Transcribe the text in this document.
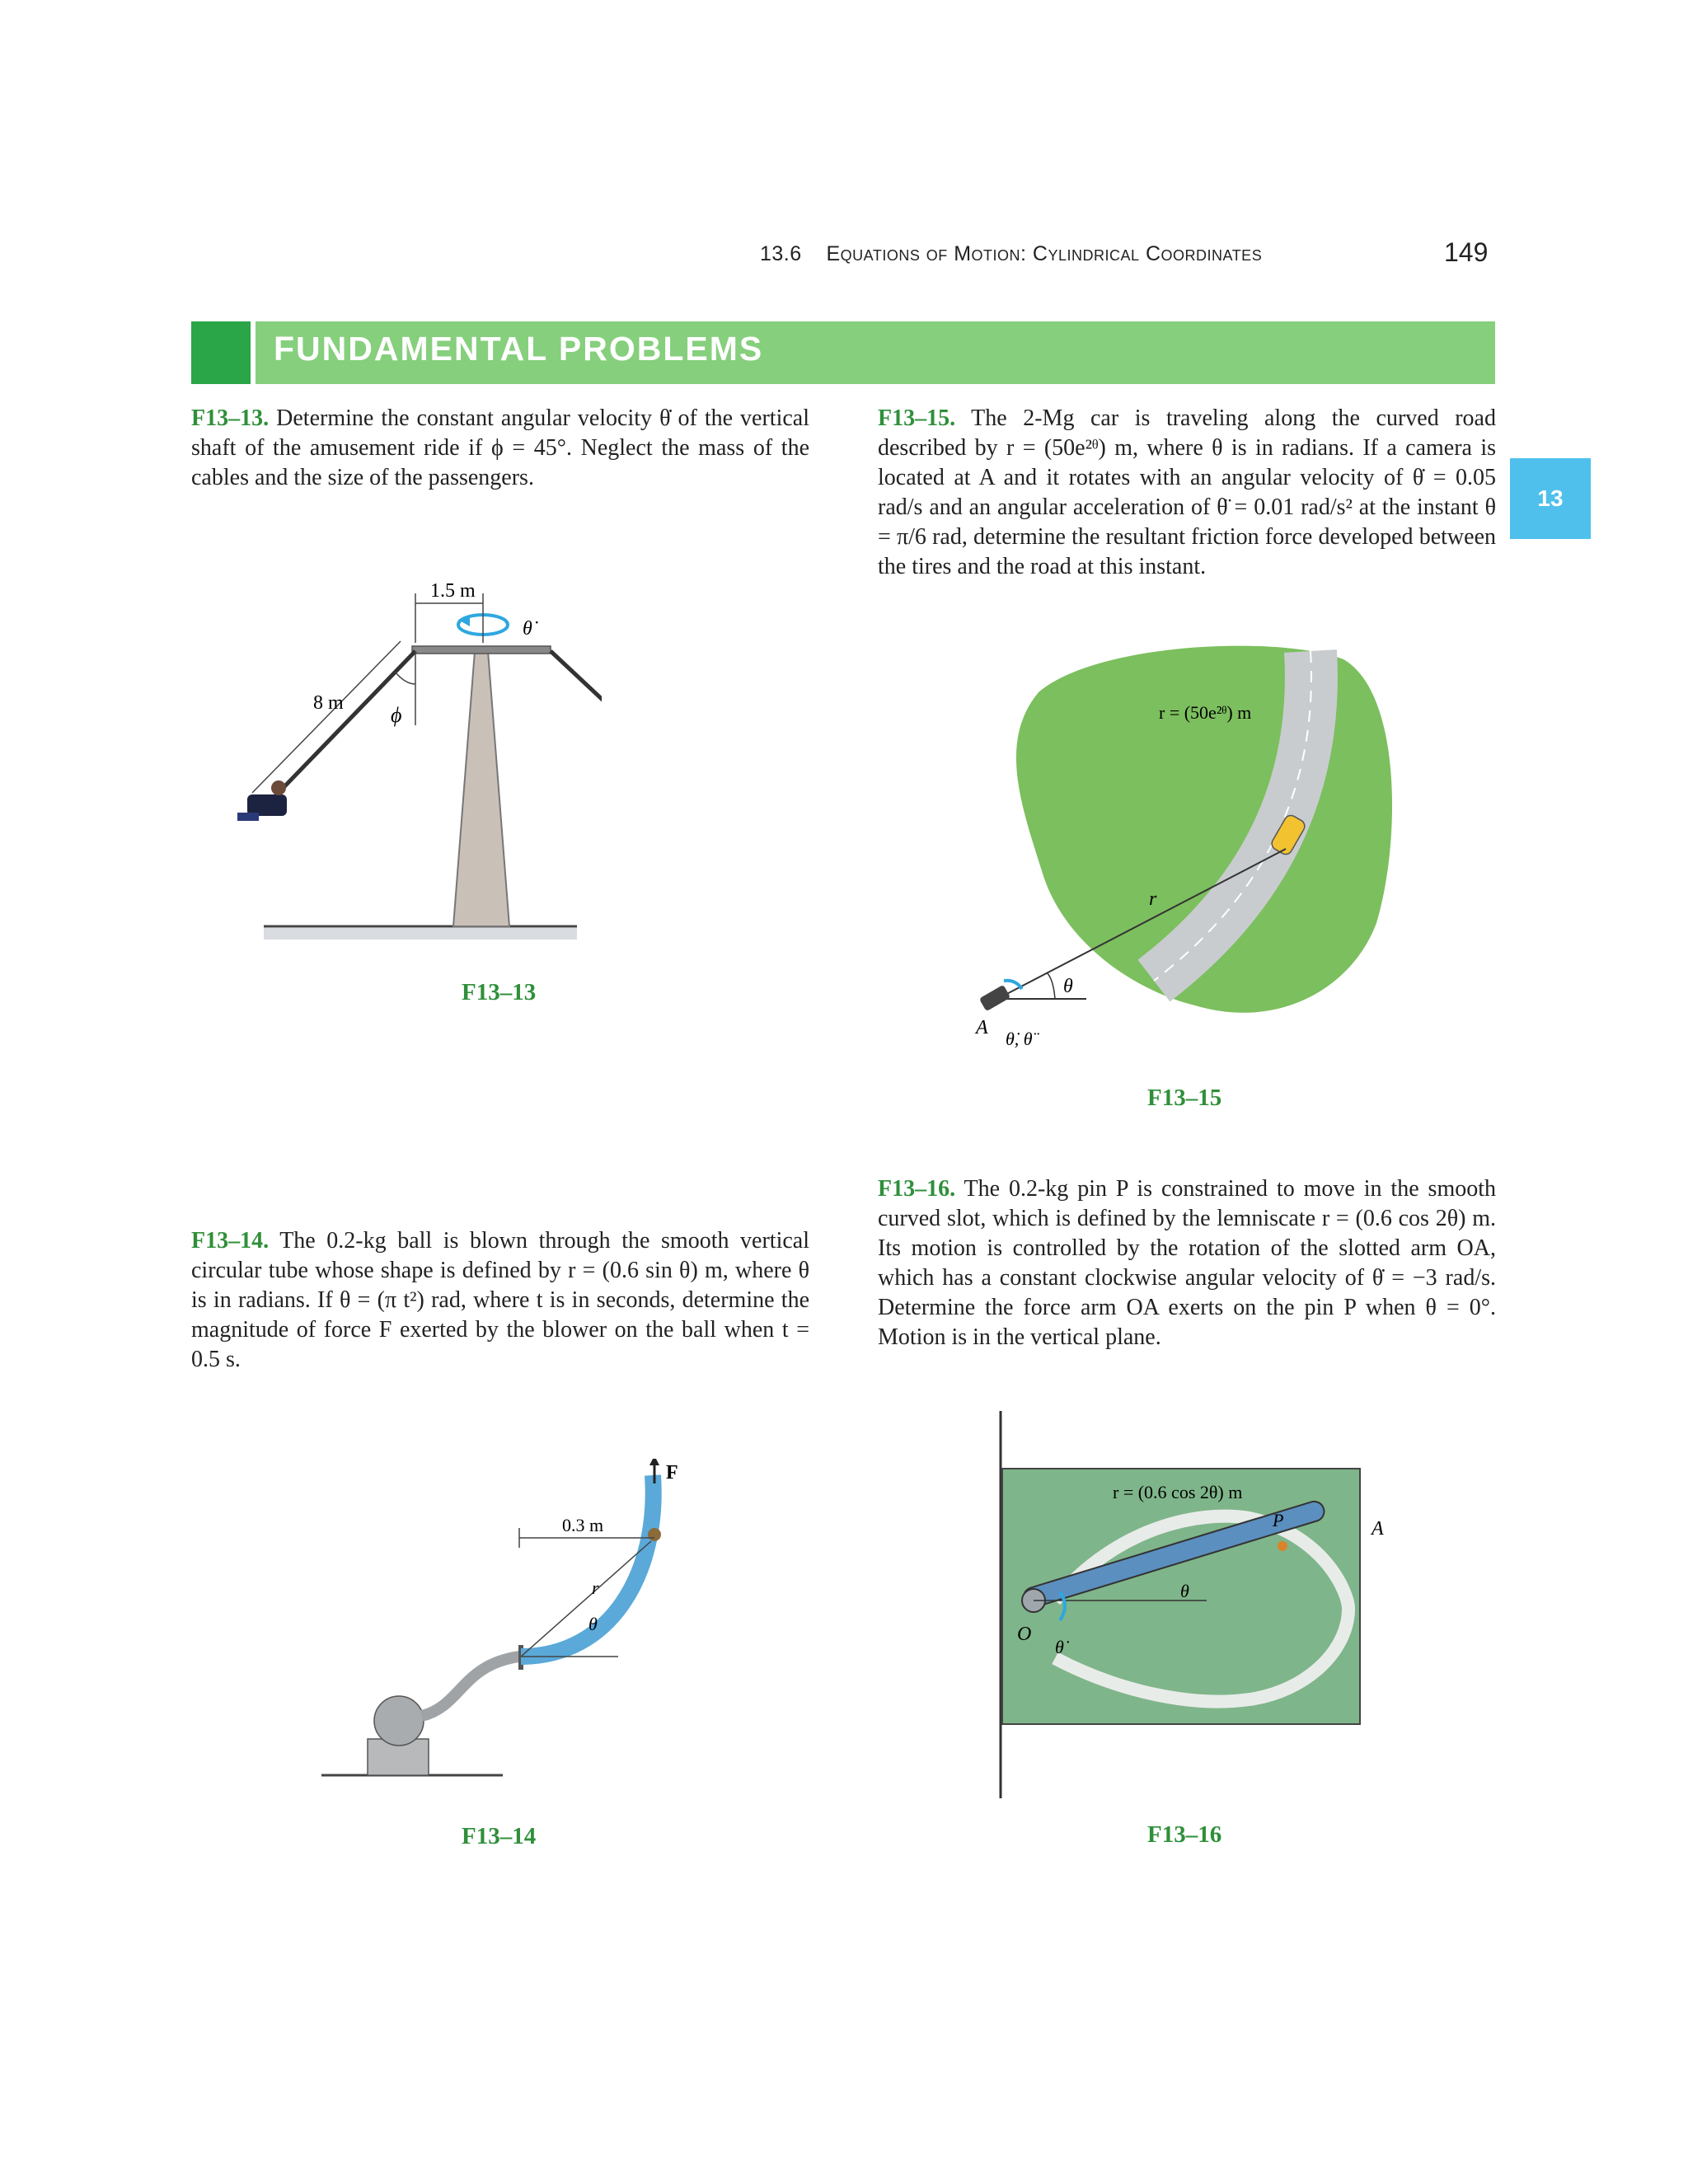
13.6 Equations of Motion: Cylindrical Coordinates	149
FUNDAMENTAL PROBLEMS
13
F13–13. Determine the constant angular velocity θ̇ of the vertical shaft of the amusement ride if ϕ = 45°. Neglect the mass of the cables and the size of the passengers.
F13–15. The 2-Mg car is traveling along the curved road described by r = (50e²ᶿ) m, where θ is in radians. If a camera is located at A and it rotates with an angular velocity of θ̇ = 0.05 rad/s and an angular acceleration of θ̈ = 0.01 rad/s² at the instant θ = π/6 rad, determine the resultant friction force developed between the tires and the road at this instant.
F13–14. The 0.2-kg ball is blown through the smooth vertical circular tube whose shape is defined by r = (0.6 sin θ) m, where θ is in radians. If θ = (π t²) rad, where t is in seconds, determine the magnitude of force F exerted by the blower on the ball when t = 0.5 s.
F13–16. The 0.2-kg pin P is constrained to move in the smooth curved slot, which is defined by the lemniscate r = (0.6 cos 2θ) m. Its motion is controlled by the rotation of the slotted arm OA, which has a constant clockwise angular velocity of θ̇ = −3 rad/s. Determine the force arm OA exerts on the pin P when θ = 0°. Motion is in the vertical plane.
θ̇
1.5 m
ϕ
8 m
F13–13
r
θ
A
θ̇, θ̈
r = (50e²ᶿ) m
F13–15
F
0.3 m
r
θ
F13–14
θ
O
θ̇
P	A
r = (0.6 cos 2θ) m
F13–16
